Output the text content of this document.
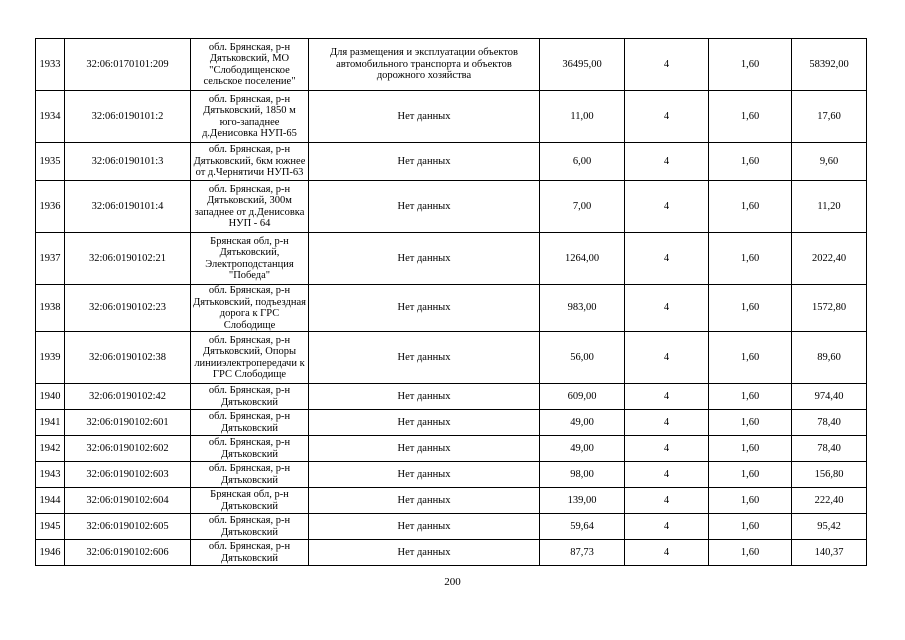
1933	32:06:0170101:209	обл. Брянская, р-н Дятьковский, МО "Слободищенское сельское поселение"	Для размещения и эксплуатации объектов автомобильного транспорта и объектов дорожного хозяйства	36495,00	4	1,60	58392,00
1934	32:06:0190101:2	обл. Брянская, р-н Дятьковский, 1850 м юго-западнее д.Денисовка НУП-65	Нет данных	11,00	4	1,60	17,60
1935	32:06:0190101:3	обл. Брянская, р-н Дятьковский, 6км южнее от д.Чернятичи НУП-63	Нет данных	6,00	4	1,60	9,60
1936	32:06:0190101:4	обл. Брянская, р-н Дятьковский, 300м западнее от д.Денисовка НУП - 64	Нет данных	7,00	4	1,60	11,20
1937	32:06:0190102:21	Брянская обл, р-н Дятьковский, Электроподстанция "Победа"	Нет данных	1264,00	4	1,60	2022,40
1938	32:06:0190102:23	обл. Брянская, р-н Дятьковский, подъездная дорога к ГРС Слободище	Нет данных	983,00	4	1,60	1572,80
1939	32:06:0190102:38	обл. Брянская, р-н Дятьковский, Опоры линииэлектропередачи к ГРС Слободище	Нет данных	56,00	4	1,60	89,60
1940	32:06:0190102:42	обл. Брянская, р-н Дятьковский	Нет данных	609,00	4	1,60	974,40
1941	32:06:0190102:601	обл. Брянская, р-н Дятьковский	Нет данных	49,00	4	1,60	78,40
1942	32:06:0190102:602	обл. Брянская, р-н Дятьковский	Нет данных	49,00	4	1,60	78,40
1943	32:06:0190102:603	обл. Брянская, р-н Дятьковский	Нет данных	98,00	4	1,60	156,80
1944	32:06:0190102:604	Брянская обл, р-н Дятьковский	Нет данных	139,00	4	1,60	222,40
1945	32:06:0190102:605	обл. Брянская, р-н Дятьковский	Нет данных	59,64	4	1,60	95,42
1946	32:06:0190102:606	обл. Брянская, р-н Дятьковский	Нет данных	87,73	4	1,60	140,37
200
